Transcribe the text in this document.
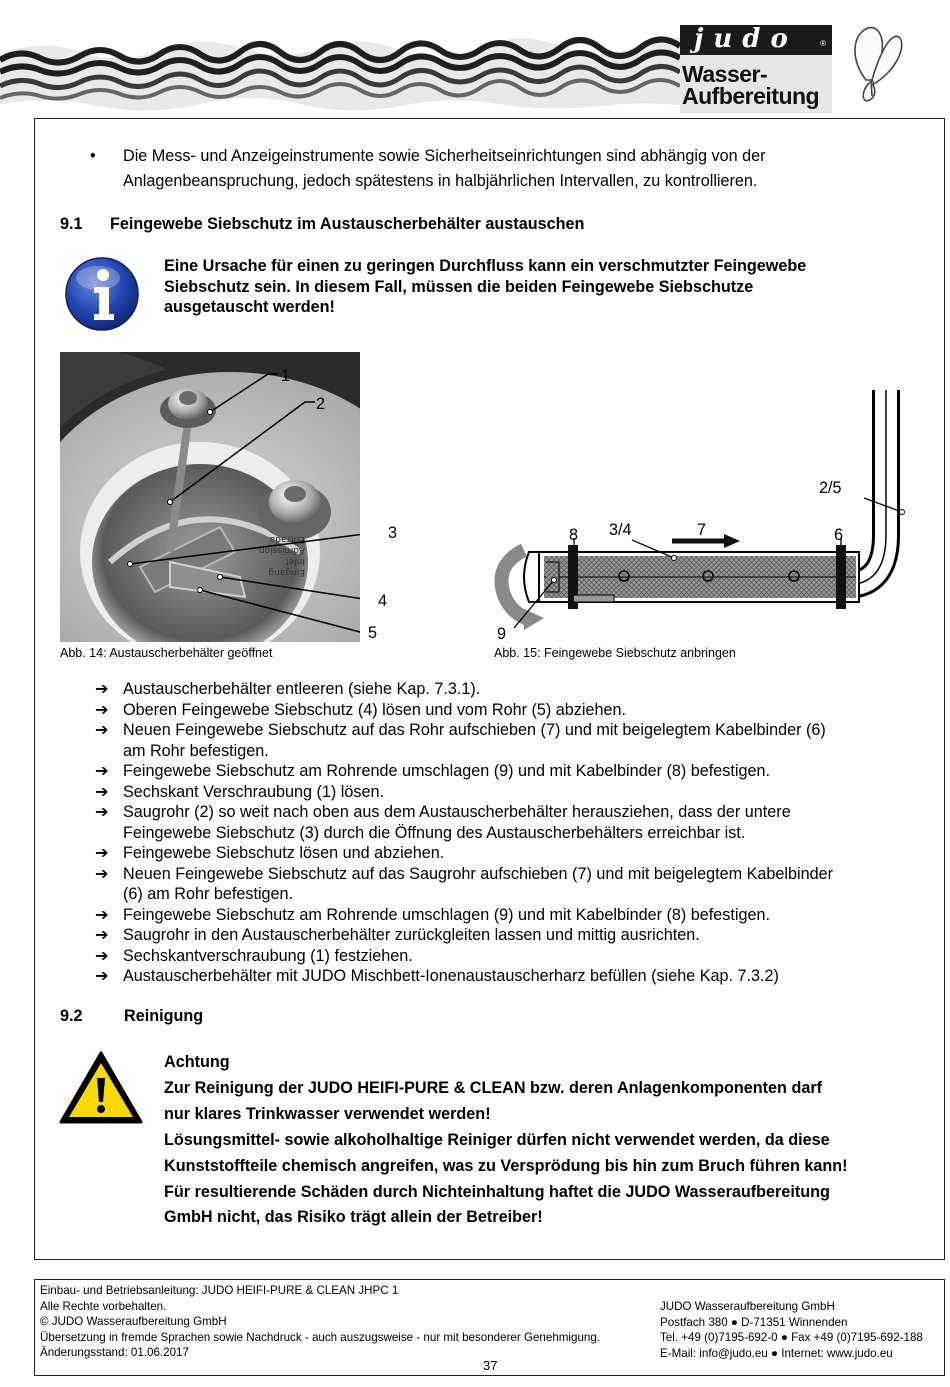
judo	®
Wasser-
Aufbereitung
• Die Mess- und Anzeigeinstrumente sowie Sicherheitseinrichtungen sind abhängig von der
Anlagenbeanspruchung, jedoch spätestens in halbjährlichen Intervallen, zu kontrollieren.
9.1 Feingewebe Siebschutz im Austauscherbehälter austauschen
Eine Ursache für einen zu geringen Durchfluss kann ein verschmutzter Feingewebe
Siebschutz sein. In diesem Fall, müssen die beiden Feingewebe Siebschutze
ausgetauscht werden!
Eingang
Inlet
Admission
Entrada
1
2
3
4
5
Abb. 14: Austauscherbehälter geöffnet
2/5
8 3/4	7	6
9
Abb. 15: Feingewebe Siebschutz anbringen
➔ Austauscherbehälter entleeren (siehe Kap. 7.3.1).
➔ Oberen Feingewebe Siebschutz (4) lösen und vom Rohr (5) abziehen.
➔ Neuen Feingewebe Siebschutz auf das Rohr aufschieben (7) und mit beigelegtem Kabelbinder (6)
am Rohr befestigen.
➔ Feingewebe Siebschutz am Rohrende umschlagen (9) und mit Kabelbinder (8) befestigen.
➔ Sechskant Verschraubung (1) lösen.
➔ Saugrohr (2) so weit nach oben aus dem Austauscherbehälter herausziehen, dass der untere
Feingewebe Siebschutz (3) durch die Öffnung des Austauscherbehälters erreichbar ist.
➔ Feingewebe Siebschutz lösen und abziehen.
➔ Neuen Feingewebe Siebschutz auf das Saugrohr aufschieben (7) und mit beigelegtem Kabelbinder
(6) am Rohr befestigen.
➔ Feingewebe Siebschutz am Rohrende umschlagen (9) und mit Kabelbinder (8) befestigen.
➔ Saugrohr in den Austauscherbehälter zurückgleiten lassen und mittig ausrichten.
➔ Sechskantverschraubung (1) festziehen.
➔ Austauscherbehälter mit JUDO Mischbett-Ionenaustauscherharz befüllen (siehe Kap. 7.3.2)
9.2	Reinigung
Achtung
Zur Reinigung der JUDO HEIFI-PURE & CLEAN bzw. deren Anlagenkomponenten darf
nur klares Trinkwasser verwendet werden!
Lösungsmittel- sowie alkoholhaltige Reiniger dürfen nicht verwendet werden, da diese
Kunststoffteile chemisch angreifen, was zu Versprödung bis hin zum Bruch führen kann!
Für resultierende Schäden durch Nichteinhaltung haftet die JUDO Wasseraufbereitung
GmbH nicht, das Risiko trägt allein der Betreiber!
Einbau- und Betriebsanleitung: JUDO HEIFI-PURE & CLEAN JHPC 1
Alle Rechte vorbehalten.
© JUDO Wasseraufbereitung GmbH
Übersetzung in fremde Sprachen sowie Nachdruck - auch auszugsweise - nur mit besonderer Genehmigung.
Änderungsstand: 01.06.2017
JUDO Wasseraufbereitung GmbH
Postfach 380 ● D-71351 Winnenden
Tel. +49 (0)7195-692-0 ● Fax +49 (0)7195-692-188
E-Mail: info@judo.eu ● Internet: www.judo.eu
37
